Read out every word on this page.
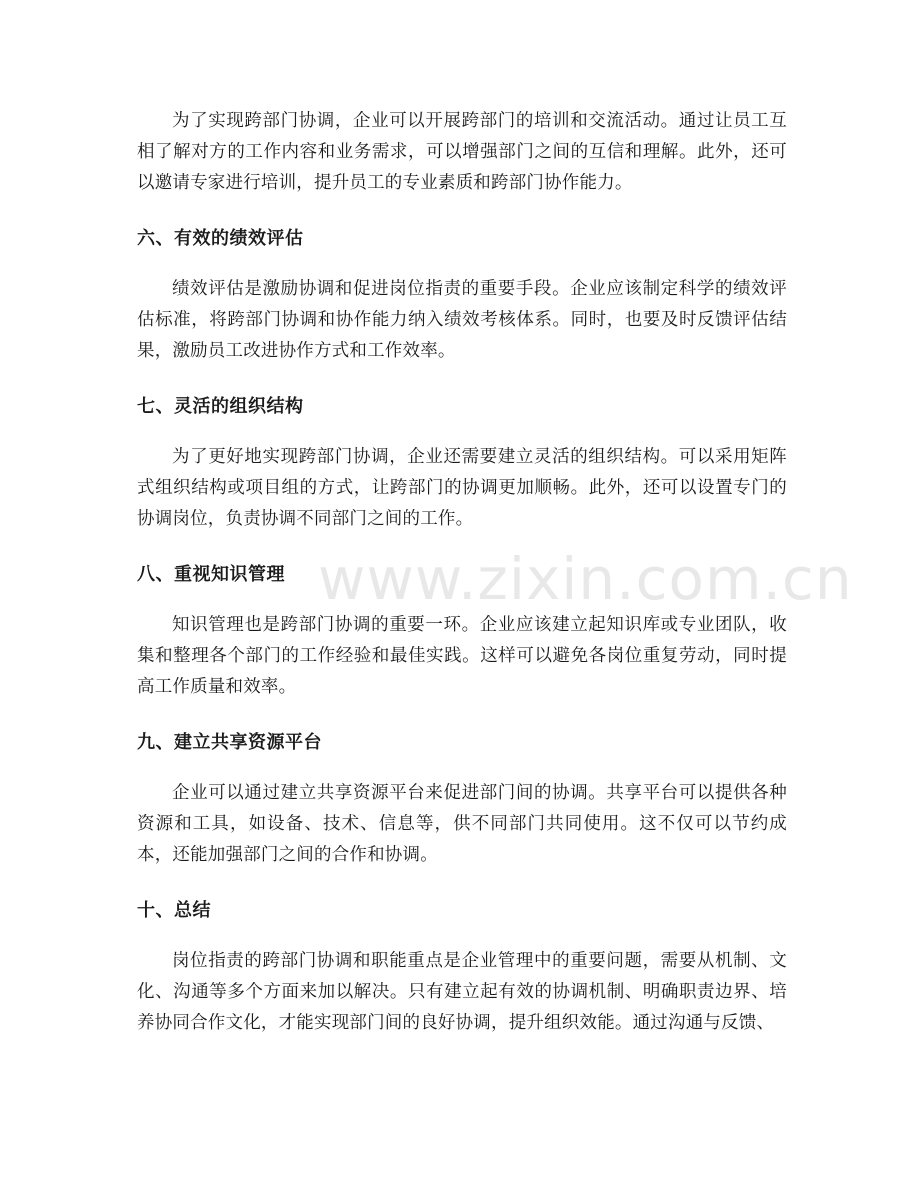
www.zixin.com.cn

为了实现跨部门协调，企业可以开展跨部门的培训和交流活动。通过让员工互相了解对方的工作内容和业务需求，可以增强部门之间的互信和理解。此外，还可以邀请专家进行培训，提升员工的专业素质和跨部门协作能力。

六、有效的绩效评估

绩效评估是激励协调和促进岗位指责的重要手段。企业应该制定科学的绩效评估标准，将跨部门协调和协作能力纳入绩效考核体系。同时，也要及时反馈评估结果，激励员工改进协作方式和工作效率。

七、灵活的组织结构

为了更好地实现跨部门协调，企业还需要建立灵活的组织结构。可以采用矩阵式组织结构或项目组的方式，让跨部门的协调更加顺畅。此外，还可以设置专门的协调岗位，负责协调不同部门之间的工作。

八、重视知识管理

知识管理也是跨部门协调的重要一环。企业应该建立起知识库或专业团队，收集和整理各个部门的工作经验和最佳实践。这样可以避免各岗位重复劳动，同时提高工作质量和效率。

九、建立共享资源平台

企业可以通过建立共享资源平台来促进部门间的协调。共享平台可以提供各种资源和工具，如设备、技术、信息等，供不同部门共同使用。这不仅可以节约成本，还能加强部门之间的合作和协调。

十、总结

岗位指责的跨部门协调和职能重点是企业管理中的重要问题，需要从机制、文化、沟通等多个方面来加以解决。只有建立起有效的协调机制、明确职责边界、培养协同合作文化，才能实现部门间的良好协调，提升组织效能。通过沟通与反馈、
